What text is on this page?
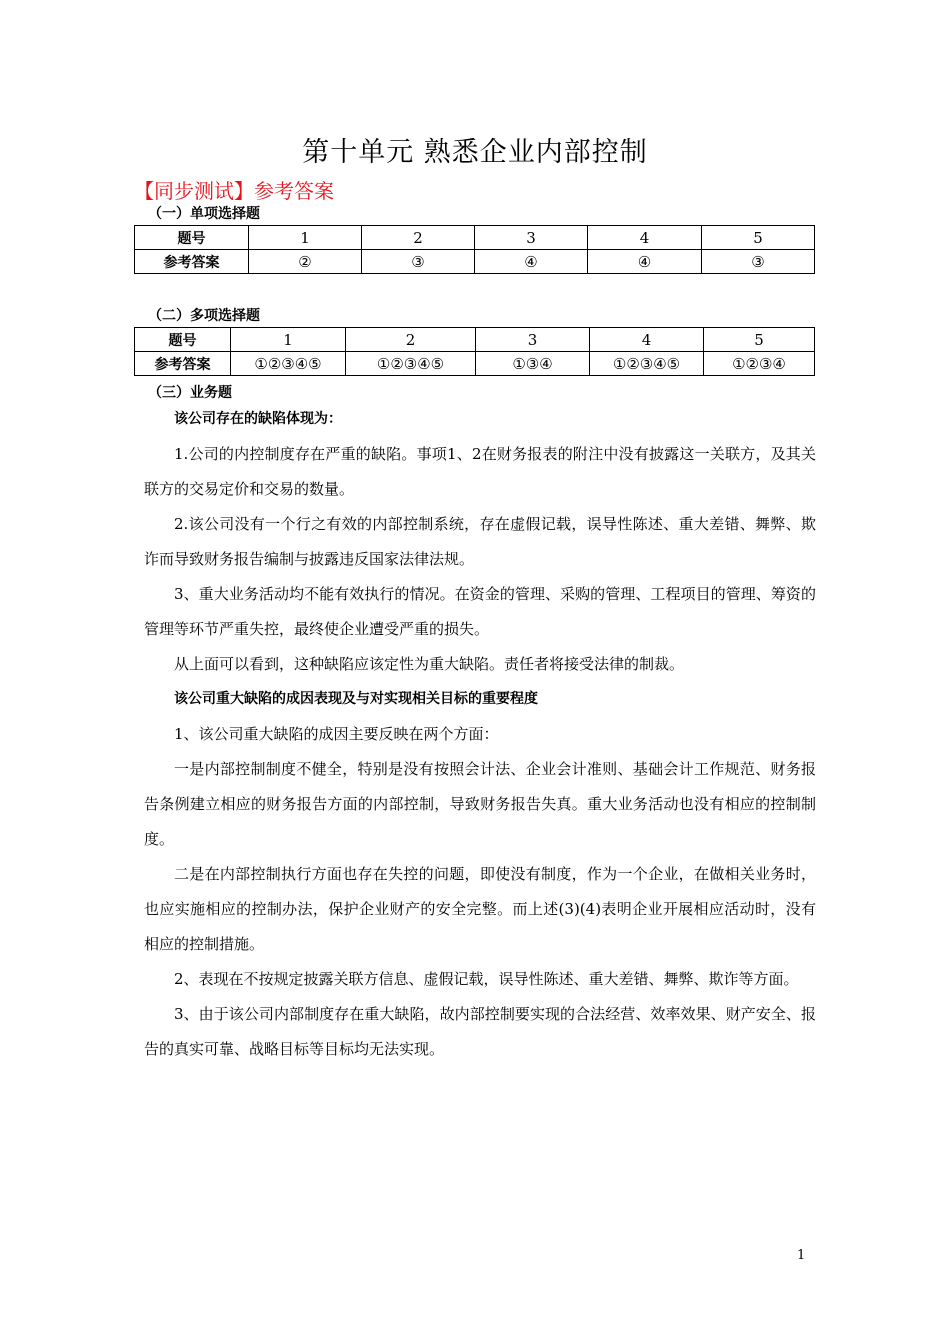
第十单元 熟悉企业内部控制
【同步测试】参考答案
（一）单项选择题
题号	1	2	3	4	5
参考答案	②	③	④	④	③
（二）多项选择题
题号	1	2	3	4	5
参考答案	①②③④⑤	①②③④⑤	①③④	①②③④⑤	①②③④
（三）业务题

该公司存在的缺陷体现为：

1.公司的内控制度存在严重的缺陷。事项1、2在财务报表的附注中没有披露这一关联方，及其关联方的交易定价和交易的数量。

2.该公司没有一个行之有效的内部控制系统，存在虚假记载，误导性陈述、重大差错、舞弊、欺诈而导致财务报告编制与披露违反国家法律法规。

3、重大业务活动均不能有效执行的情况。在资金的管理、采购的管理、工程项目的管理、筹资的管理等环节严重失控，最终使企业遭受严重的损失。

从上面可以看到，这种缺陷应该定性为重大缺陷。责任者将接受法律的制裁。

该公司重大缺陷的成因表现及与对实现相关目标的重要程度

1、该公司重大缺陷的成因主要反映在两个方面：

一是内部控制制度不健全，特别是没有按照会计法、企业会计准则、基础会计工作规范、财务报告条例建立相应的财务报告方面的内部控制，导致财务报告失真。重大业务活动也没有相应的控制制度。

二是在内部控制执行方面也存在失控的问题，即使没有制度，作为一个企业，在做相关业务时，也应实施相应的控制办法，保护企业财产的安全完整。而上述(3)(4)表明企业开展相应活动时，没有相应的控制措施。

2、表现在不按规定披露关联方信息、虚假记载，误导性陈述、重大差错、舞弊、欺诈等方面。

3、由于该公司内部制度存在重大缺陷，故内部控制要实现的合法经营、效率效果、财产安全、报告的真实可靠、战略目标等目标均无法实现。

1
